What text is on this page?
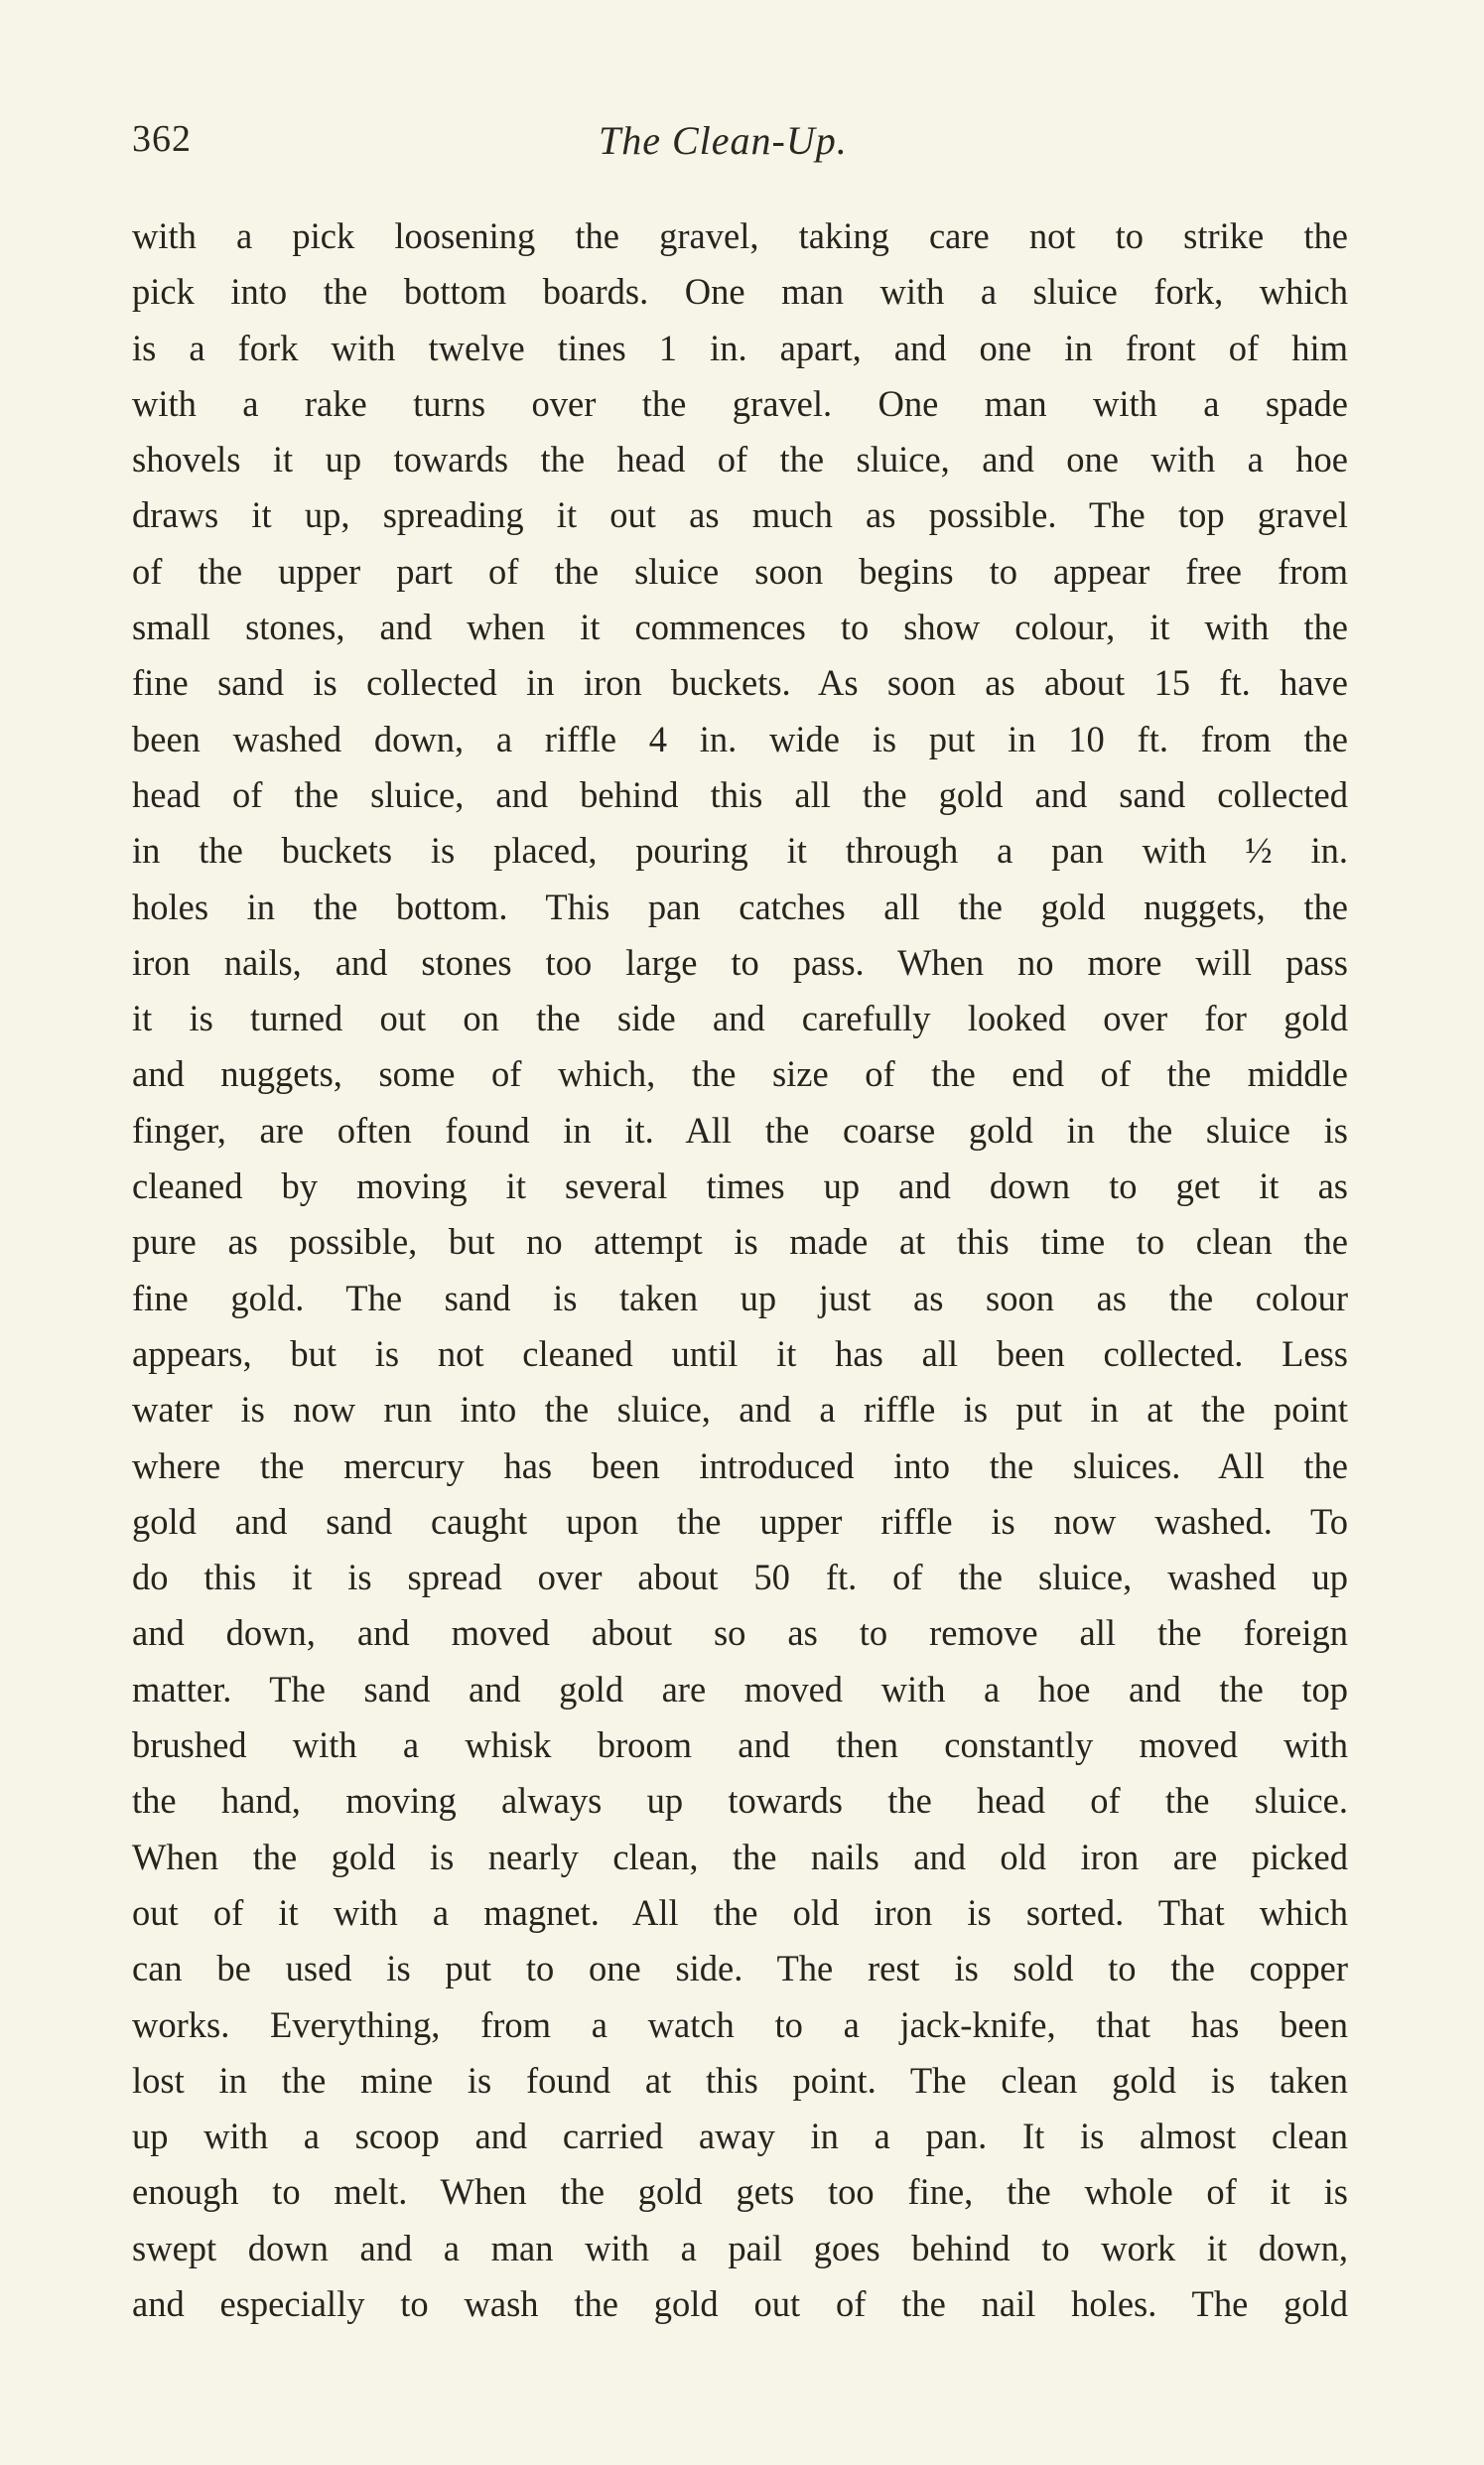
362	The Clean-Up.
with a pick loosening the gravel, taking care not to strike the
pick into the bottom boards. One man with a sluice fork, which
is a fork with twelve tines 1 in. apart, and one in front of him
with a rake turns over the gravel. One man with a spade
shovels it up towards the head of the sluice, and one with a hoe
draws it up, spreading it out as much as possible. The top gravel
of the upper part of the sluice soon begins to appear free from
small stones, and when it commences to show colour, it with the
fine sand is collected in iron buckets. As soon as about 15 ft. have
been washed down, a riffle 4 in. wide is put in 10 ft. from the
head of the sluice, and behind this all the gold and sand collected
in the buckets is placed, pouring it through a pan with ½ in.
holes in the bottom. This pan catches all the gold nuggets, the
iron nails, and stones too large to pass. When no more will pass
it is turned out on the side and carefully looked over for gold
and nuggets, some of which, the size of the end of the middle
finger, are often found in it. All the coarse gold in the sluice is
cleaned by moving it several times up and down to get it as
pure as possible, but no attempt is made at this time to clean the
fine gold. The sand is taken up just as soon as the colour
appears, but is not cleaned until it has all been collected. Less
water is now run into the sluice, and a riffle is put in at the point
where the mercury has been introduced into the sluices. All the
gold and sand caught upon the upper riffle is now washed. To
do this it is spread over about 50 ft. of the sluice, washed up
and down, and moved about so as to remove all the foreign
matter. The sand and gold are moved with a hoe and the top
brushed with a whisk broom and then constantly moved with
the hand, moving always up towards the head of the sluice.
When the gold is nearly clean, the nails and old iron are picked
out of it with a magnet. All the old iron is sorted. That which
can be used is put to one side. The rest is sold to the copper
works. Everything, from a watch to a jack-knife, that has been
lost in the mine is found at this point. The clean gold is taken
up with a scoop and carried away in a pan. It is almost clean
enough to melt. When the gold gets too fine, the whole of it is
swept down and a man with a pail goes behind to work it down,
and especially to wash the gold out of the nail holes. The gold
